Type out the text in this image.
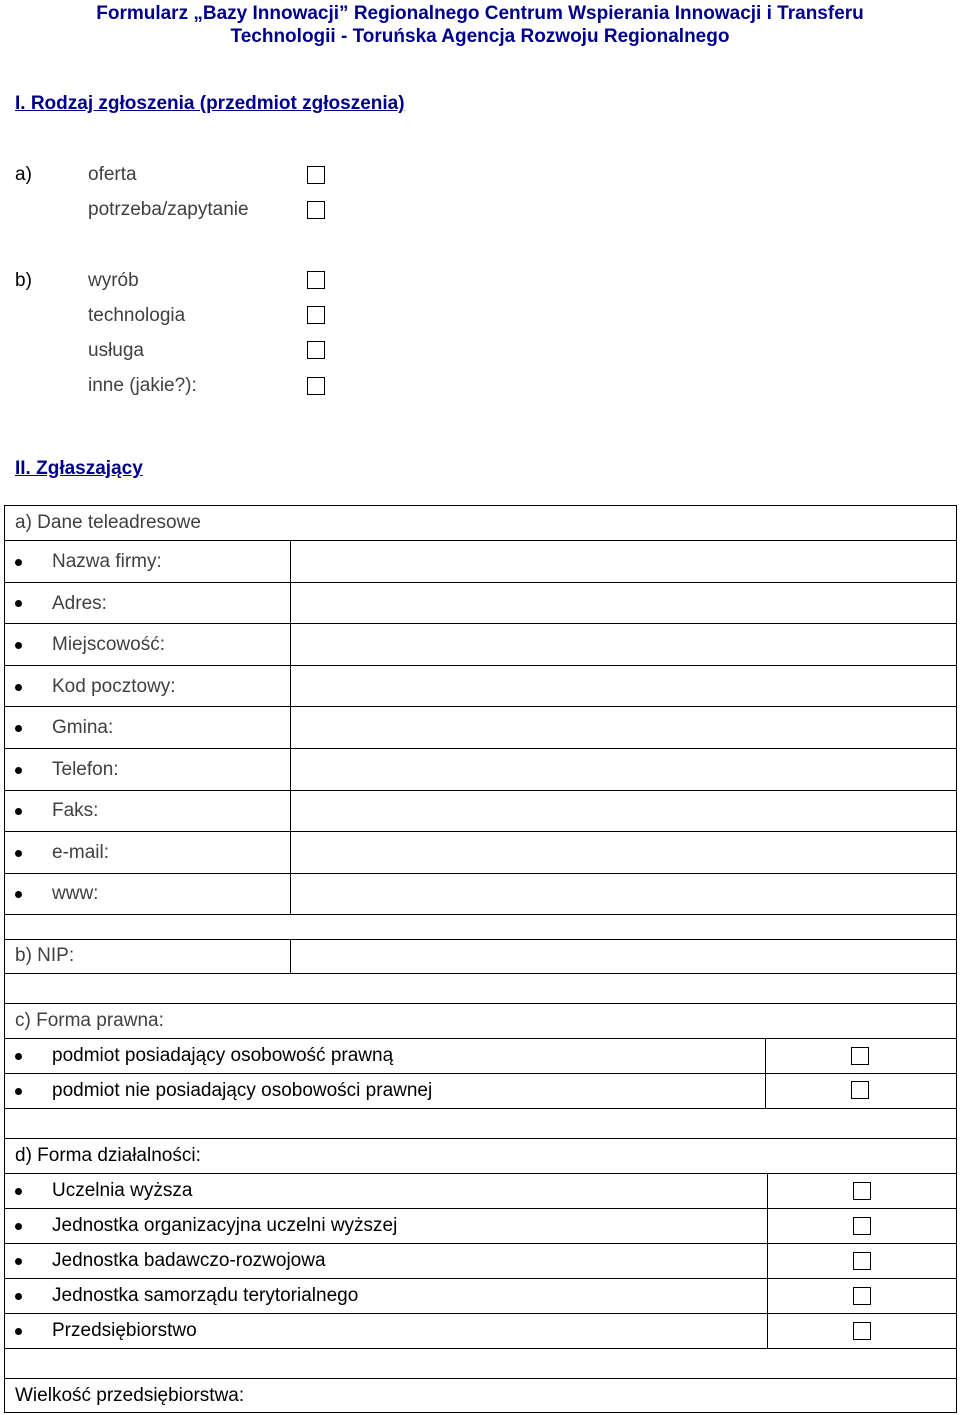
Formularz „Bazy Innowacji” Regionalnego Centrum Wspierania Innowacji i Transferu
Technologii - Toruńska Agencja Rozwoju Regionalnego
I. Rodzaj zgłoszenia (przedmiot zgłoszenia)
a)	oferta
potrzeba/zapytanie
b)	wyrób
technologia
usługa
inne (jakie?):
II. Zgłaszający
a) Dane teleadresowe
Nazwa firmy:
Adres:
Miejscowość:
Kod pocztowy:
Gmina:
Telefon:
Faks:
e-mail:
www:
b) NIP:
c) Forma prawna:
podmiot posiadający osobowość prawną
podmiot nie posiadający osobowości prawnej
d) Forma działalności:
Uczelnia wyższa
Jednostka organizacyjna uczelni wyższej
Jednostka badawczo-rozwojowa
Jednostka samorządu terytorialnego
Przedsiębiorstwo
Wielkość przedsiębiorstwa:
